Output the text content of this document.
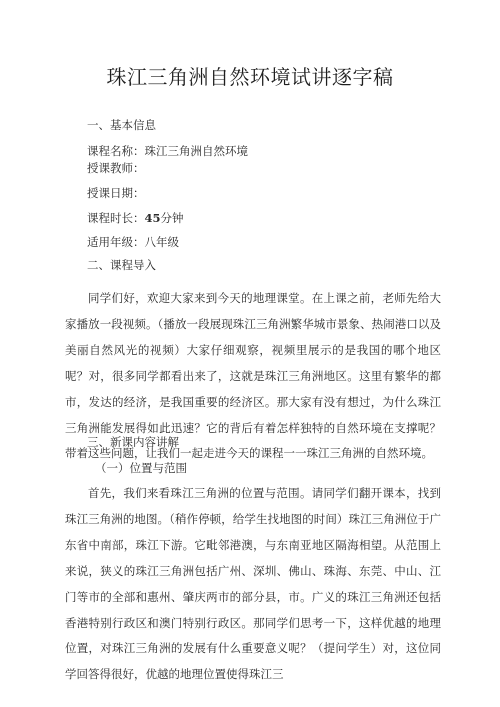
珠江三角洲自然环境试讲逐字稿
一、基本信息
课程名称：珠江三角洲自然环境
授课教师：
授课日期：
课程时长：45分钟
适用年级：八年级
二、课程导入
同学们好，欢迎大家来到今天的地理课堂。在上课之前，老师先给大家播放一段视频。（播放一段展现珠江三角洲繁华城市景象、热闹港口以及美丽自然风光的视频）大家仔细观察，视频里展示的是我国的哪个地区呢？对，很多同学都看出来了，这就是珠江三角洲地区。这里有繁华的都市，发达的经济，是我国重要的经济区。那大家有没有想过，为什么珠江三角洲能发展得如此迅速？它的背后有着怎样独特的自然环境在支撑呢？带着这些问题，让我们一起走进今天的课程一一珠江三角洲的自然环境。
三、新课内容讲解
（一）位置与范围
首先，我们来看珠江三角洲的位置与范围。请同学们翻开课本，找到珠江三角洲的地图。（稍作停顿，给学生找地图的时间）珠江三角洲位于广东省中南部，珠江下游。它毗邻港澳，与东南亚地区隔海相望。从范围上来说，狭义的珠江三角洲包括广州、深圳、佛山、珠海、东莞、中山、江门等市的全部和惠州、肇庆两市的部分县，市。广义的珠江三角洲还包括香港特别行政区和澳门特别行政区。那同学们思考一下，这样优越的地理位置，对珠江三角洲的发展有什么重要意义呢？（提问学生）对，这位同学回答得很好，优越的地理位置使得珠江三
